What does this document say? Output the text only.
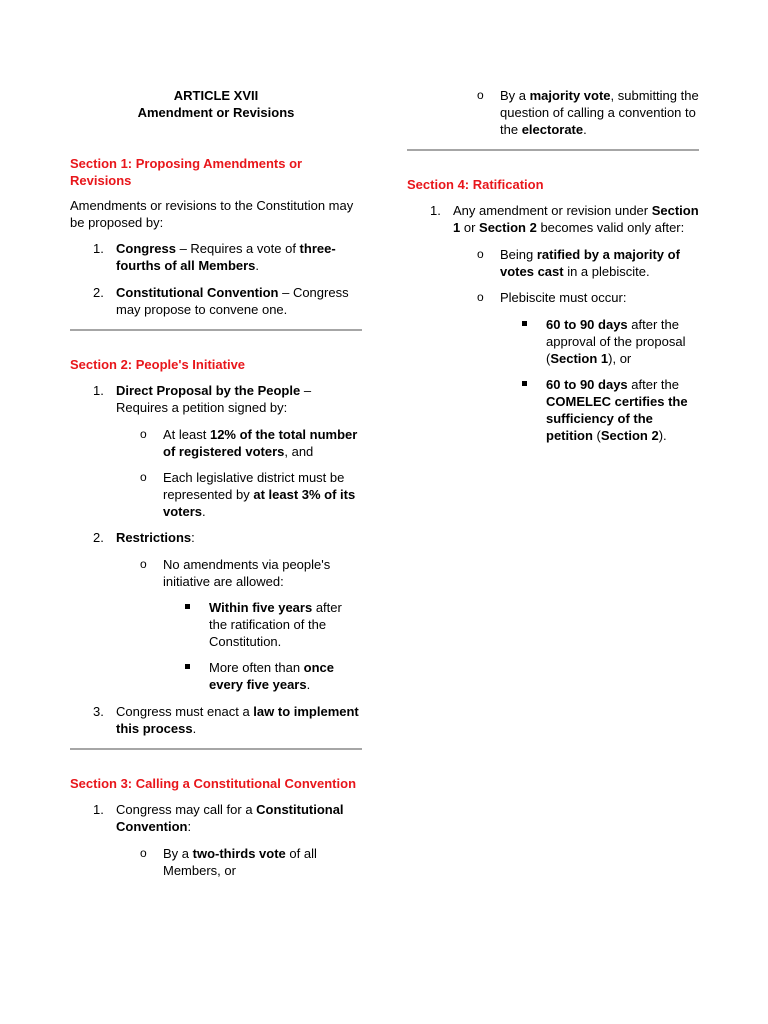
ARTICLE XVII
Amendment or Revisions
Section 1: Proposing Amendments or Revisions
Amendments or revisions to the Constitution may be proposed by:
1. Congress – Requires a vote of three-fourths of all Members.
2. Constitutional Convention – Congress may propose to convene one.
Section 2: People's Initiative
1. Direct Proposal by the People – Requires a petition signed by:
o At least 12% of the total number of registered voters, and
o Each legislative district must be represented by at least 3% of its voters.
2. Restrictions:
o No amendments via people's initiative are allowed:
Within five years after the ratification of the Constitution.
More often than once every five years.
3. Congress must enact a law to implement this process.
Section 3: Calling a Constitutional Convention
1. Congress may call for a Constitutional Convention:
o By a two-thirds vote of all Members, or
o By a majority vote, submitting the question of calling a convention to the electorate.
Section 4: Ratification
1. Any amendment or revision under Section 1 or Section 2 becomes valid only after:
o Being ratified by a majority of votes cast in a plebiscite.
o Plebiscite must occur:
60 to 90 days after the approval of the proposal (Section 1), or
60 to 90 days after the COMELEC certifies the sufficiency of the petition (Section 2).
